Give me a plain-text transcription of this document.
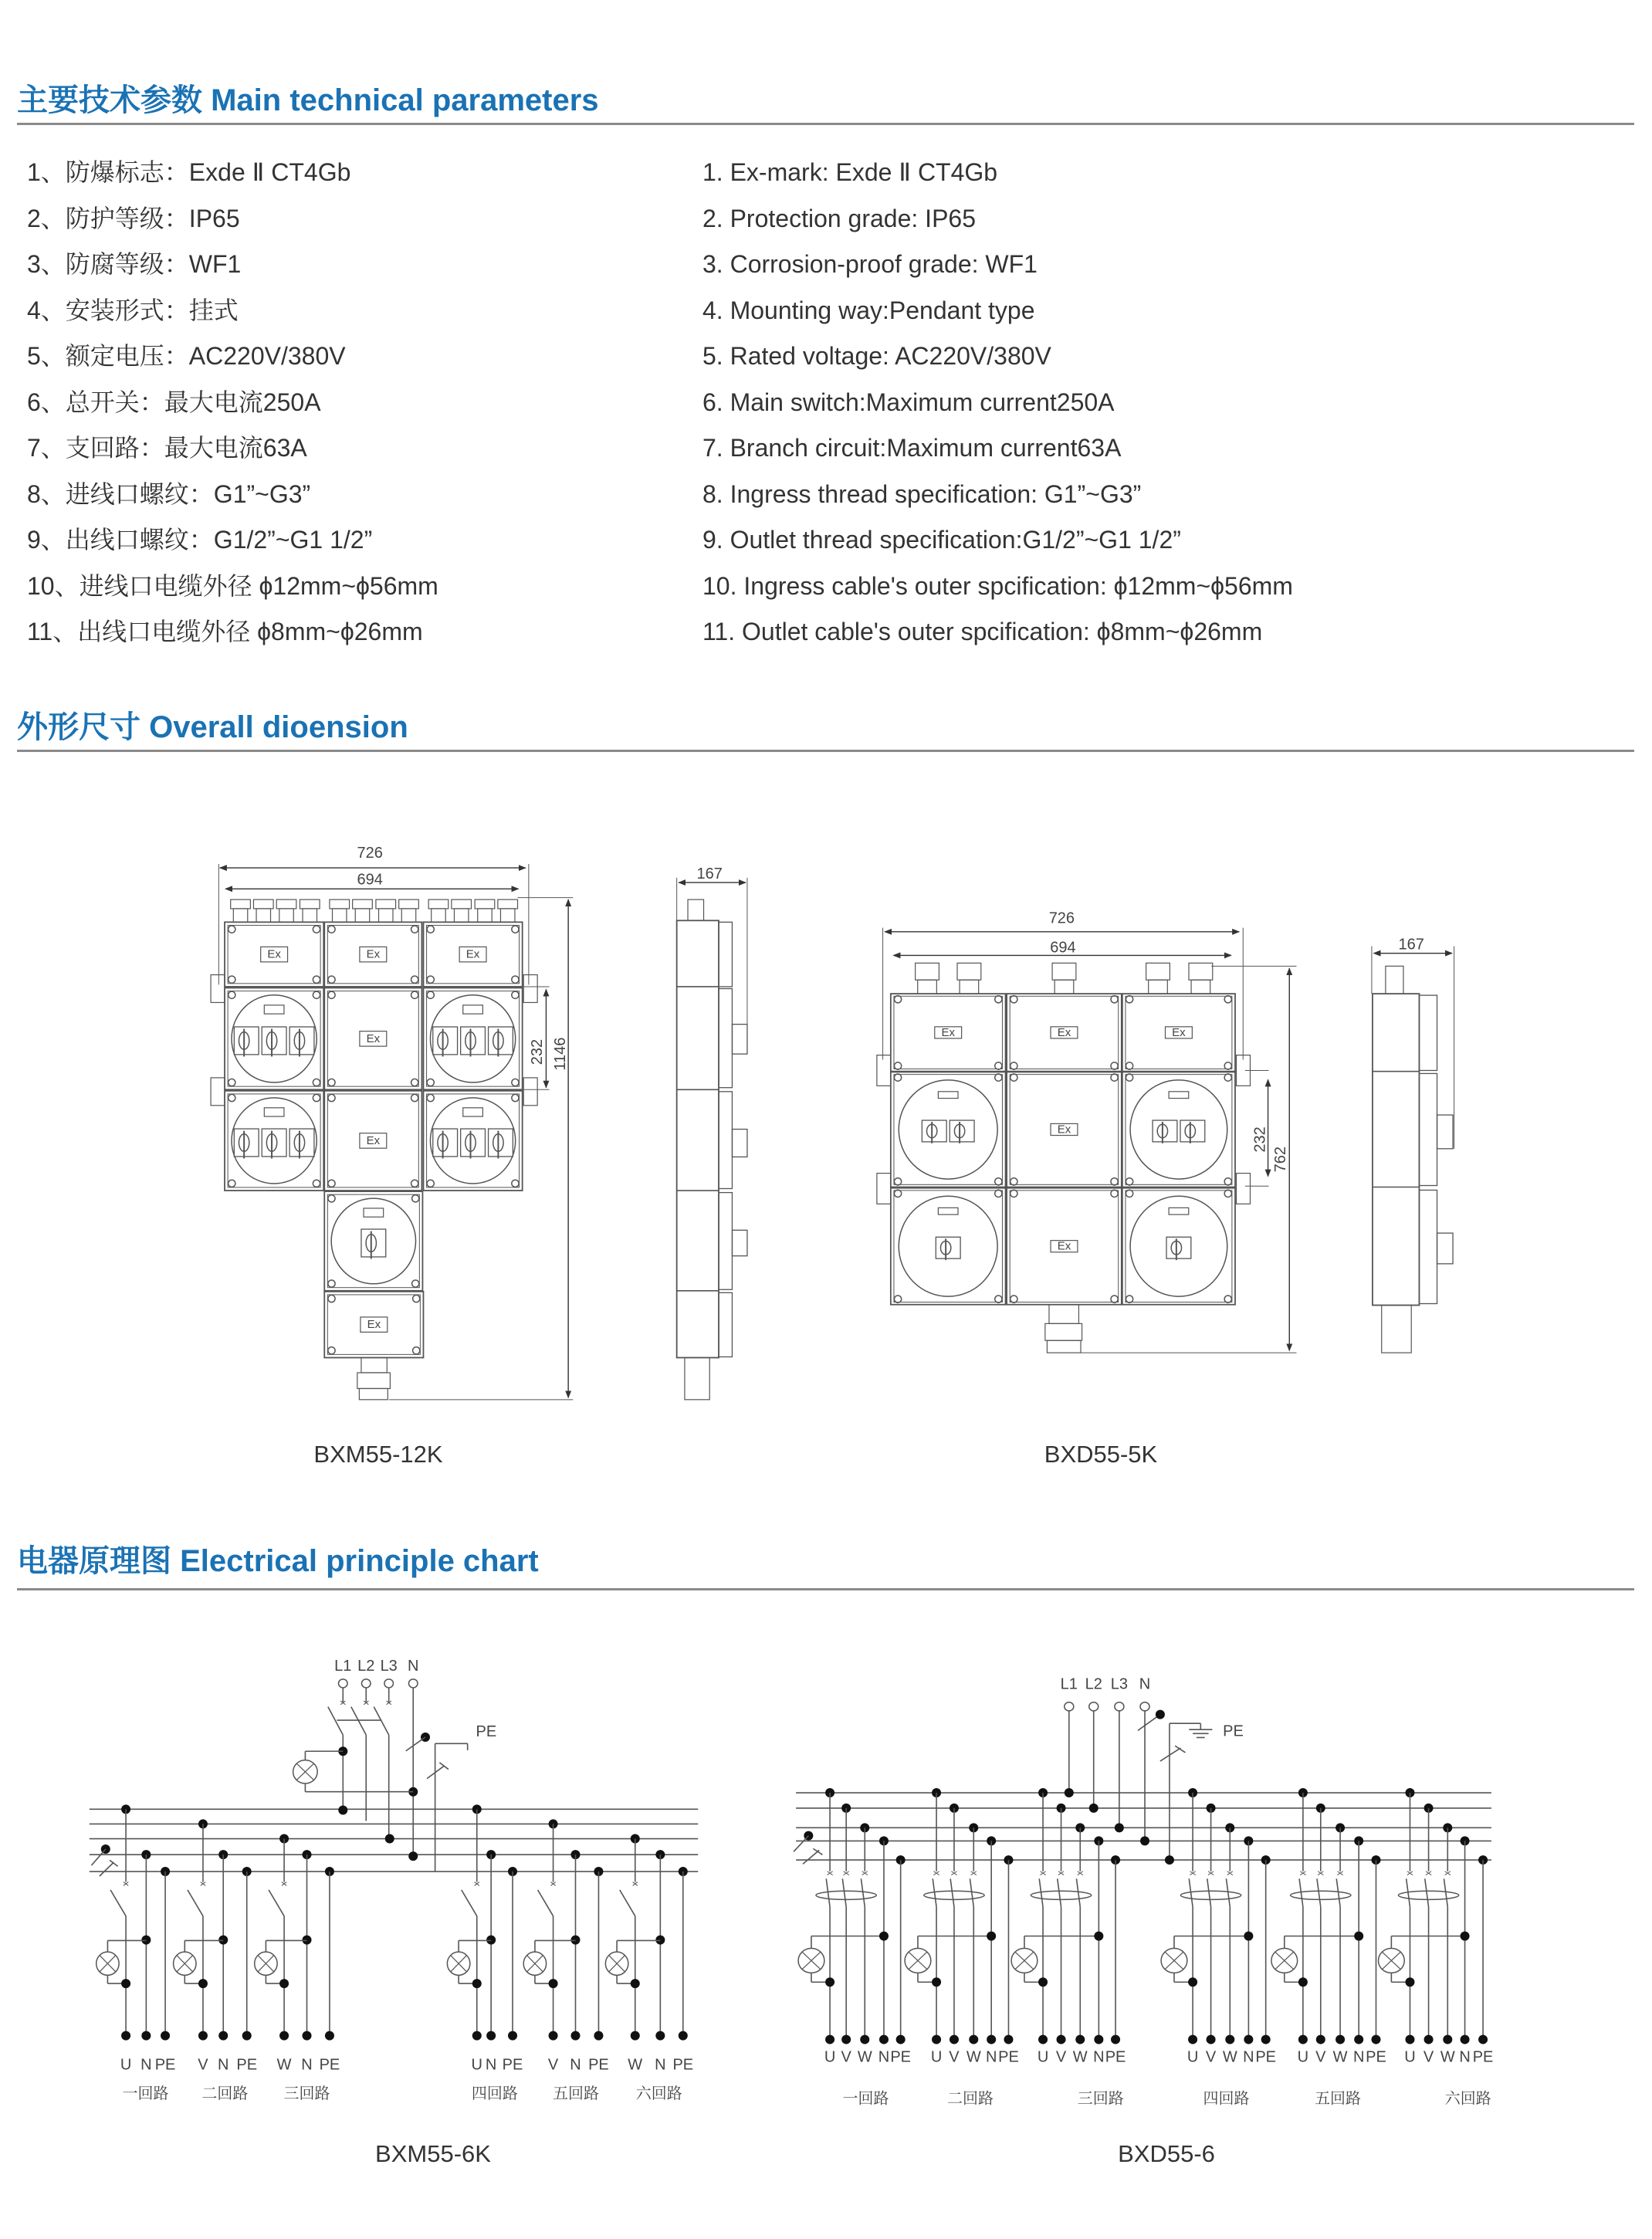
726
694
Ex	Ex	Ex
Ex
Ex
Ex
1146
232
167
726
694
Ex	Ex	Ex
Ex
Ex
762
232
167
L1 L2 L3 N
PE
U N PE
一回路
V N PE
二回路
W N PE
三回路
U N PE
四回路
V N PE
五回路
W N PE
六回路
L1 L2 L3 N
PE
U V W N PE
一回路
U V W N PE
二回路
U V W N PE
三回路
U V W N PE
四回路
U V W N PE
五回路
U V W N PE
六回路
主要技术参数 Main technical parameters
1、防爆标志：Exde Ⅱ CT4Gb
2、防护等级：IP65
3、防腐等级：WF1
4、安装形式：挂式
5、额定电压：AC220V/380V
6、总开关：最大电流250A
7、支回路：最大电流63A
8、进线口螺纹：G1”~G3”
9、出线口螺纹：G1/2”~G1 1/2”
10、进线口电缆外径 ϕ12mm~ϕ56mm
11、出线口电缆外径 ϕ8mm~ϕ26mm
1. Ex-mark: Exde Ⅱ CT4Gb
2. Protection grade: IP65
3. Corrosion-proof grade: WF1
4. Mounting way:Pendant type
5. Rated voltage: AC220V/380V
6. Main switch:Maximum current250A
7. Branch circuit:Maximum current63A
8. Ingress thread specification: G1”~G3”
9. Outlet thread specification:G1/2”~G1 1/2”
10. Ingress cable's outer spcification: ϕ12mm~ϕ56mm
11. Outlet cable's outer spcification: ϕ8mm~ϕ26mm
外形尺寸 Overall dioension
BXM55-12K	BXD55-5K
电器原理图 Electrical principle chart
BXM55-6K	BXD55-6
